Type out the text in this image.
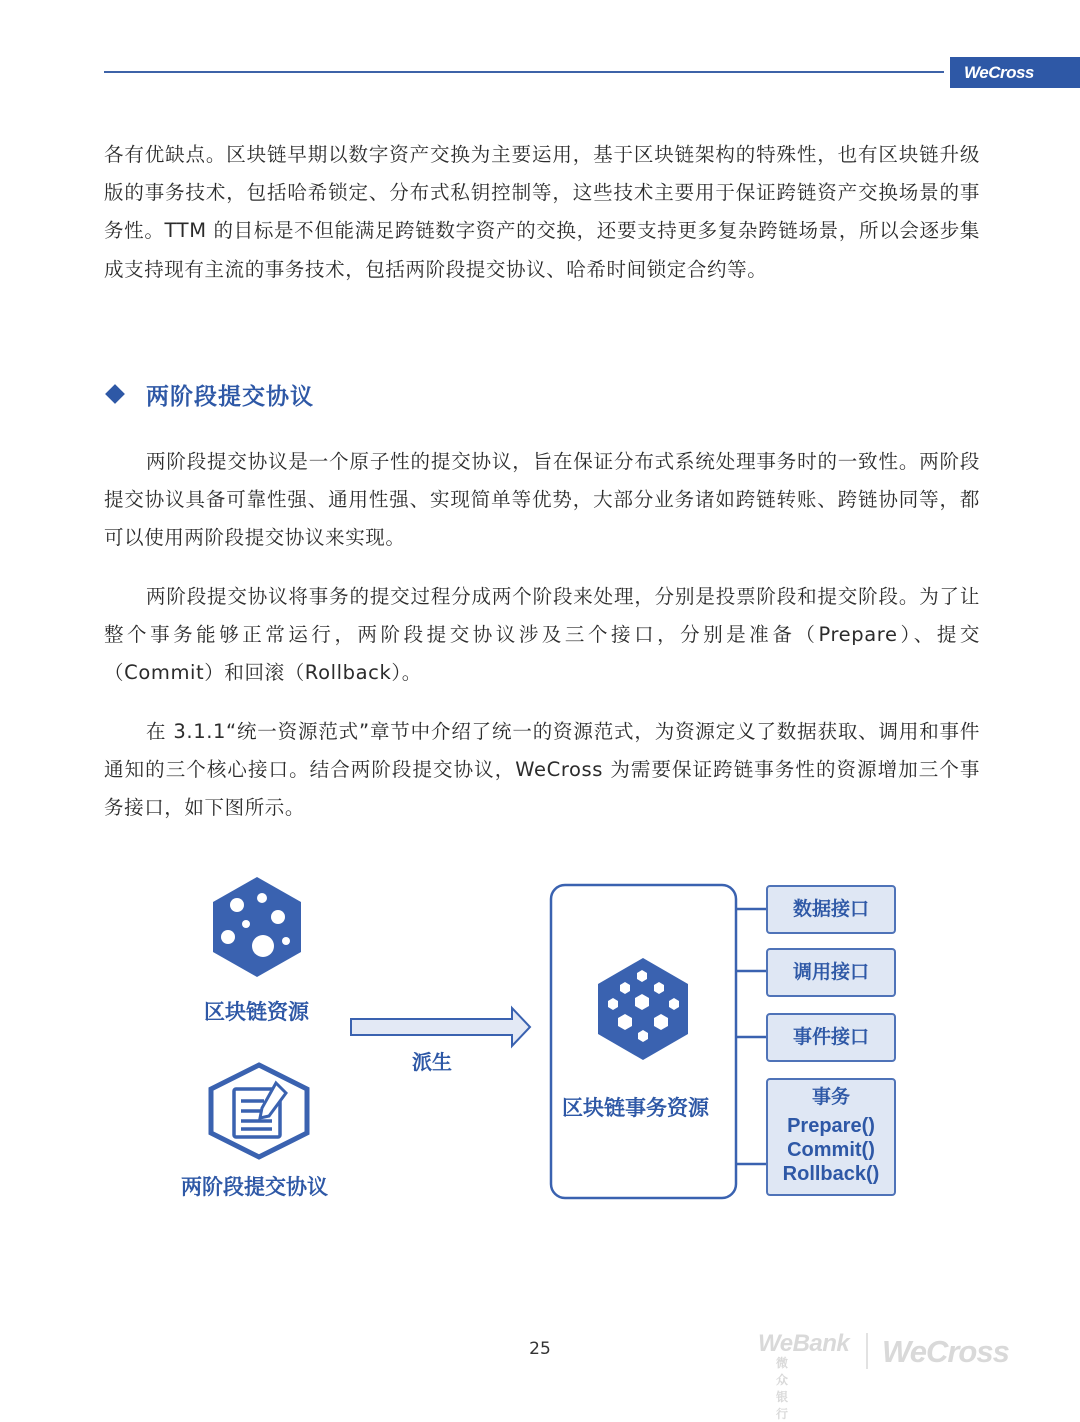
WeCross

各有优缺点。区块链早期以数字资产交换为主要运用，基于区块链架构的特殊性，也有区块链升级版的事务技术，包括哈希锁定、分布式私钥控制等，这些技术主要用于保证跨链资产交换场景的事务性。TTM 的目标是不但能满足跨链数字资产的交换，还要支持更多复杂跨链场景，所以会逐步集成支持现有主流的事务技术，包括两阶段提交协议、哈希时间锁定合约等。

两阶段提交协议

两阶段提交协议是一个原子性的提交协议，旨在保证分布式系统处理事务时的一致性。两阶段提交协议具备可靠性强、通用性强、实现简单等优势，大部分业务诸如跨链转账、跨链协同等，都可以使用两阶段提交协议来实现。

两阶段提交协议将事务的提交过程分成两个阶段来处理，分别是投票阶段和提交阶段。为了让整个事务能够正常运行，两阶段提交协议涉及三个接口，分别是准备（Prepare）、提交（Commit）和回滚（Rollback）。

在 3.1.1“统一资源范式”章节中介绍了统一的资源范式，为资源定义了数据获取、调用和事件通知的三个核心接口。结合两阶段提交协议，WeCross 为需要保证跨链事务性的资源增加三个事务接口，如下图所示。

区块链资源
两阶段提交协议
派生
区块链事务资源
数据接口
调用接口
事件接口
事务
Prepare()
Commit()
Rollback()
25	WeBank
微众银行
WeCross
